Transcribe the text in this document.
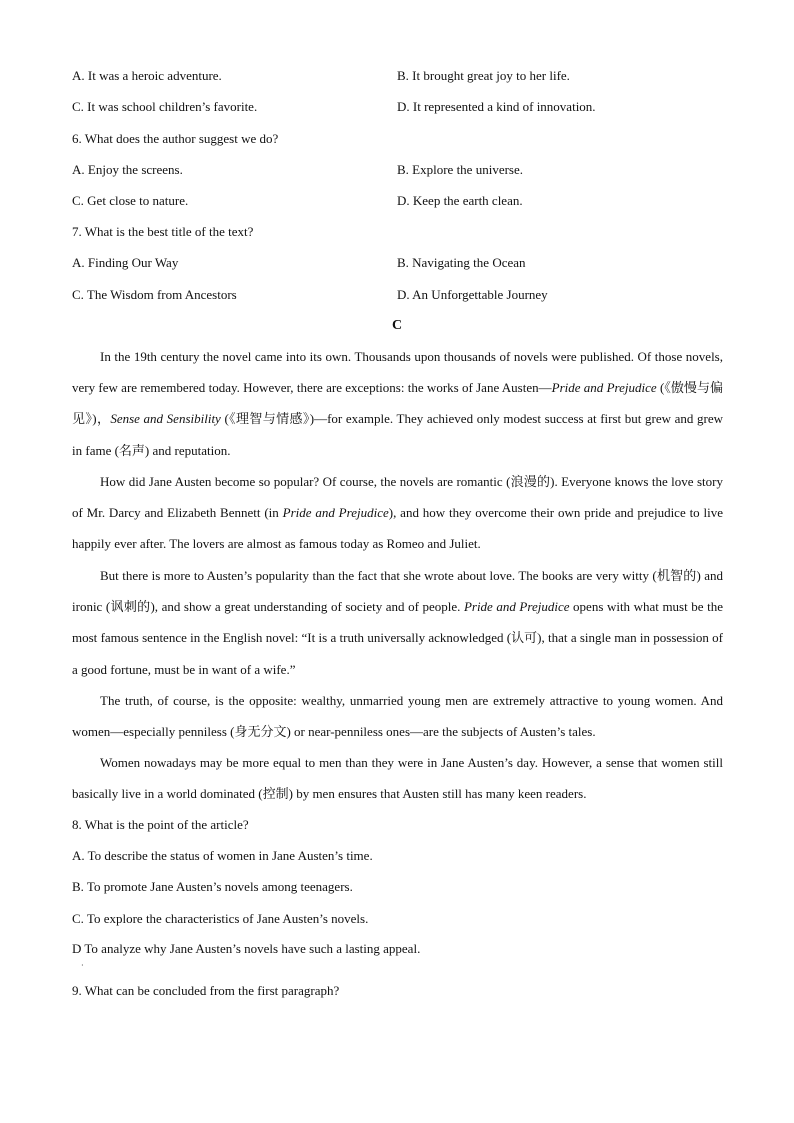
A. It was a heroic adventure.	B. It brought great joy to her life.
C. It was school children’s favorite.	D. It represented a kind of innovation.
6. What does the author suggest we do?
A. Enjoy the screens.	B. Explore the universe.
C. Get close to nature.	D. Keep the earth clean.
7. What is the best title of the text?
A. Finding Our Way	B. Navigating the Ocean
C. The Wisdom from Ancestors	D. An Unforgettable Journey
C
In the 19th century the novel came into its own. Thousands upon thousands of novels were published. Of those novels, very few are remembered today. However, there are exceptions: the works of Jane Austen—Pride and Prejudice (《傲慢与偏见》)，Sense and Sensibility (《理智与情感》)—for example. They achieved only modest success at first but grew and grew in fame (名声) and reputation.
How did Jane Austen become so popular? Of course, the novels are romantic (浪漫的). Everyone knows the love story of Mr. Darcy and Elizabeth Bennett (in Pride and Prejudice), and how they overcome their own pride and prejudice to live happily ever after. The lovers are almost as famous today as Romeo and Juliet.
But there is more to Austen’s popularity than the fact that she wrote about love. The books are very witty (机智的) and ironic (讽刺的), and show a great understanding of society and of people. Pride and Prejudice opens with what must be the most famous sentence in the English novel: “It is a truth universally acknowledged (认可), that a single man in possession of a good fortune, must be in want of a wife.”
The truth, of course, is the opposite: wealthy, unmarried young men are extremely attractive to young women. And women—especially penniless (身无分文) or near-penniless ones—are the subjects of Austen’s tales.
Women nowadays may be more equal to men than they were in Jane Austen’s day. However, a sense that women still basically live in a world dominated (控制) by men ensures that Austen still has many keen readers.
8. What is the point of the article?
A. To describe the status of women in Jane Austen’s time.
B. To promote Jane Austen’s novels among teenagers.
C. To explore the characteristics of Jane Austen’s novels.
D To analyze why Jane Austen’s novels have such a lasting appeal.
·
9. What can be concluded from the first paragraph?
